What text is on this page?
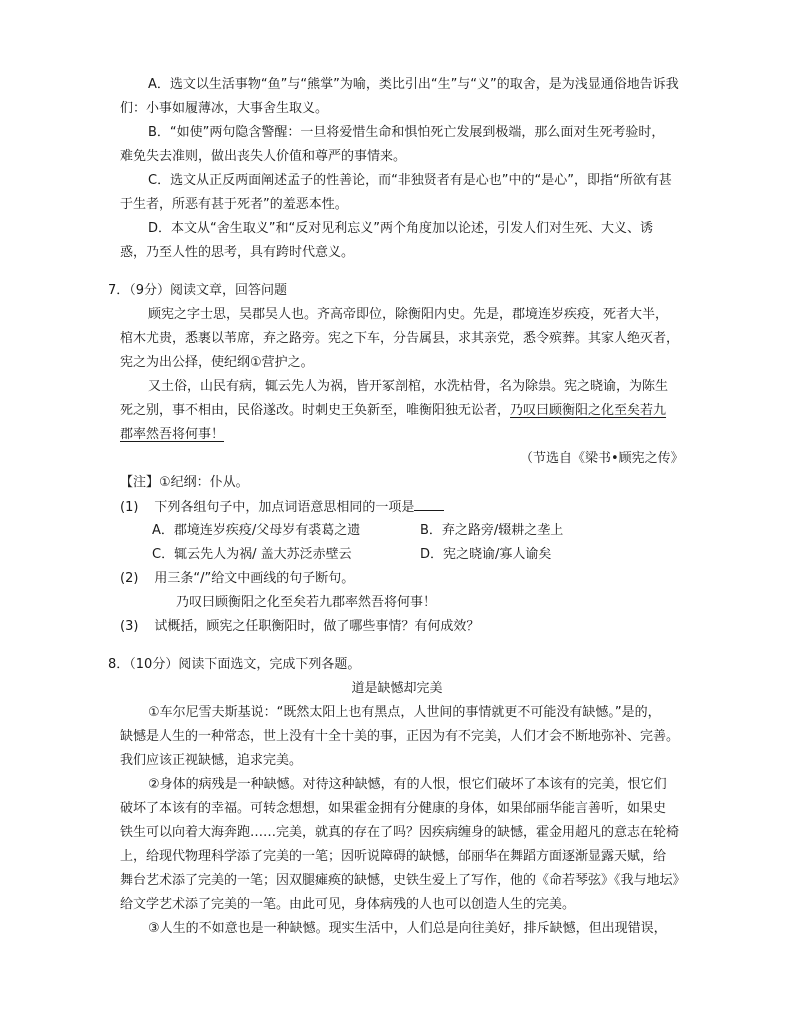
A．选文以生活事物“鱼”与“熊掌”为喻，类比引出“生”与“义”的取舍，是为浅显通俗地告诉我
们：小事如履薄冰，大事舍生取义。
B．“如使”两句隐含警醒：一旦将爱惜生命和惧怕死亡发展到极端，那么面对生死考验时，
难免失去准则，做出丧失人价值和尊严的事情来。
C．选文从正反两面阐述孟子的性善论，而“非独贤者有是心也”中的“是心”，即指“所欲有甚
于生者，所恶有甚于死者”的羞恶本性。
D．本文从“舍生取义”和“反对见利忘义”两个角度加以论述，引发人们对生死、大义、诱
惑，乃至人性的思考，具有跨时代意义。
7．（9分）阅读文章，回答问题
顾宪之字士思，吴郡吴人也。齐高帝即位，除衡阳内史。先是，郡境连岁疾疫，死者大半，
棺木尤贵，悉裹以苇席，弃之路旁。宪之下车，分告属县，求其亲党，悉令殡葬。其家人绝灭者，
宪之为出公择，使纪纲①营护之。
又土俗，山民有病，辄云先人为祸，皆开冢剖棺，水洗枯骨，名为除祟。宪之晓谕，为陈生
死之别，事不相由，民俗遂改。时刺史王奂新至，唯衡阳独无讼者，乃叹曰顾衡阳之化至矣若九
郡率然吾将何事！
（节选自《梁书•顾宪之传》
【注】①纪纲：仆从。
(1) 下列各组句子中，加点词语意思相同的一项是
A．郡境连岁疾疫/父母岁有裘葛之遗	B．弃之路旁/辍耕之垄上
C．辄云先人为祸/ 盖大苏泛赤壁云	D．宪之晓谕/寡人谕矣
(2) 用三条“/”给文中画线的句子断句。
乃叹曰顾衡阳之化至矣若九郡率然吾将何事！
(3) 试概括，顾宪之任职衡阳时，做了哪些事情？有何成效？
8．（10分）阅读下面选文，完成下列各题。
道是缺憾却完美
①车尔尼雪夫斯基说：“既然太阳上也有黑点，人世间的事情就更不可能没有缺憾。”是的，
缺憾是人生的一种常态，世上没有十全十美的事，正因为有不完美，人们才会不断地弥补、完善。
我们应该正视缺憾，追求完美。
②身体的病残是一种缺憾。对待这种缺憾，有的人恨，恨它们破坏了本该有的完美，恨它们
破坏了本该有的幸福。可转念想想，如果霍金拥有分健康的身体，如果邰丽华能言善听，如果史
铁生可以向着大海奔跑……完美，就真的存在了吗？因疾病缠身的缺憾，霍金用超凡的意志在轮椅
上，给现代物理科学添了完美的一笔；因听说障碍的缺憾，邰丽华在舞蹈方面逐渐显露天赋，给
舞台艺术添了完美的一笔；因双腿瘫痪的缺憾，史铁生爱上了写作，他的《命若琴弦》《我与地坛》
给文学艺术添了完美的一笔。由此可见，身体病残的人也可以创造人生的完美。
③人生的不如意也是一种缺憾。现实生活中，人们总是向往美好，排斥缺憾，但出现错误，
